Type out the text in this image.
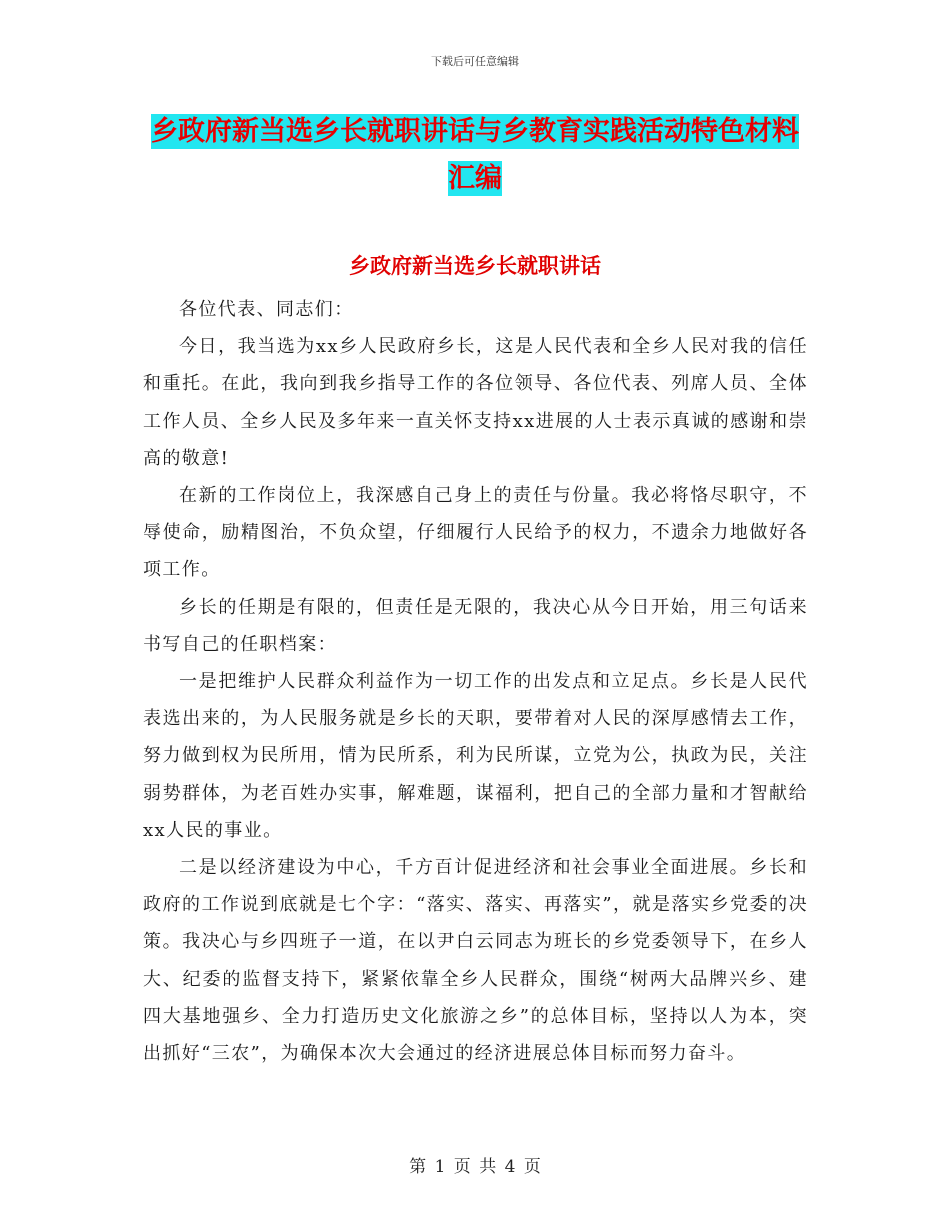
下载后可任意编辑
乡政府新当选乡长就职讲话与乡教育实践活动特色材料汇编
乡政府新当选乡长就职讲话

各位代表、同志们：

今日，我当选为xx乡人民政府乡长，这是人民代表和全乡人民对我的信任和重托。在此，我向到我乡指导工作的各位领导、各位代表、列席人员、全体工作人员、全乡人民及多年来一直关怀支持xx进展的人士表示真诚的感谢和崇高的敬意!

在新的工作岗位上，我深感自己身上的责任与份量。我必将恪尽职守，不辱使命，励精图治，不负众望，仔细履行人民给予的权力，不遗余力地做好各项工作。

乡长的任期是有限的，但责任是无限的，我决心从今日开始，用三句话来书写自己的任职档案：

一是把维护人民群众利益作为一切工作的出发点和立足点。乡长是人民代表选出来的，为人民服务就是乡长的天职，要带着对人民的深厚感情去工作，努力做到权为民所用，情为民所系，利为民所谋，立党为公，执政为民，关注弱势群体，为老百姓办实事，解难题，谋福利，把自己的全部力量和才智献给xx人民的事业。

二是以经济建设为中心，千方百计促进经济和社会事业全面进展。乡长和政府的工作说到底就是七个字：“落实、落实、再落实”，就是落实乡党委的决策。我决心与乡四班子一道，在以尹白云同志为班长的乡党委领导下，在乡人大、纪委的监督支持下，紧紧依靠全乡人民群众，围绕“树两大品牌兴乡、建四大基地强乡、全力打造历史文化旅游之乡”的总体目标，坚持以人为本，突出抓好“三农”，为确保本次大会通过的经济进展总体目标而努力奋斗。

第 1 页 共 4 页
